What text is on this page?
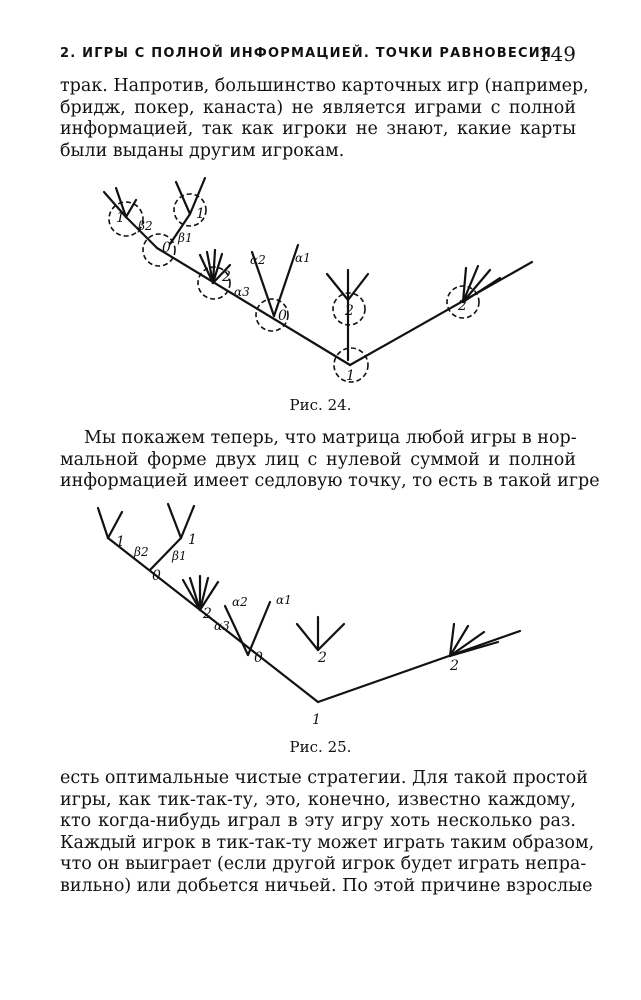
2. ИГРЫ С ПОЛНОЙ ИНФОРМАЦИЕЙ. ТОЧКИ РАВНОВЕСИЯ
149
трак. Напротив, большинство карточных игр (например,
бридж, покер, канаста) не является играми с полной
информацией, так как игроки не знают, какие карты
были выданы другим игрокам.
1	1
0
2
0	2	2
1
β2
β1
α2 α1
α3
Рис. 24.
Мы покажем теперь, что матрица любой игры в нор-
мальной форме двух лиц с нулевой суммой и полной
информацией имеет седловую точку, то есть в такой игре
1	1
0
2
0	2	2
1
β2 β1
α2 α1
α3
Рис. 25.
есть оптимальные чистые стратегии. Для такой простой
игры, как тик-так-ту, это, конечно, известно каждому,
кто когда-нибудь играл в эту игру хоть несколько раз.
Каждый игрок в тик-так-ту может играть таким образом,
что он выиграет (если другой игрок будет играть непра-
вильно) или добьется ничьей. По этой причине взрослые
